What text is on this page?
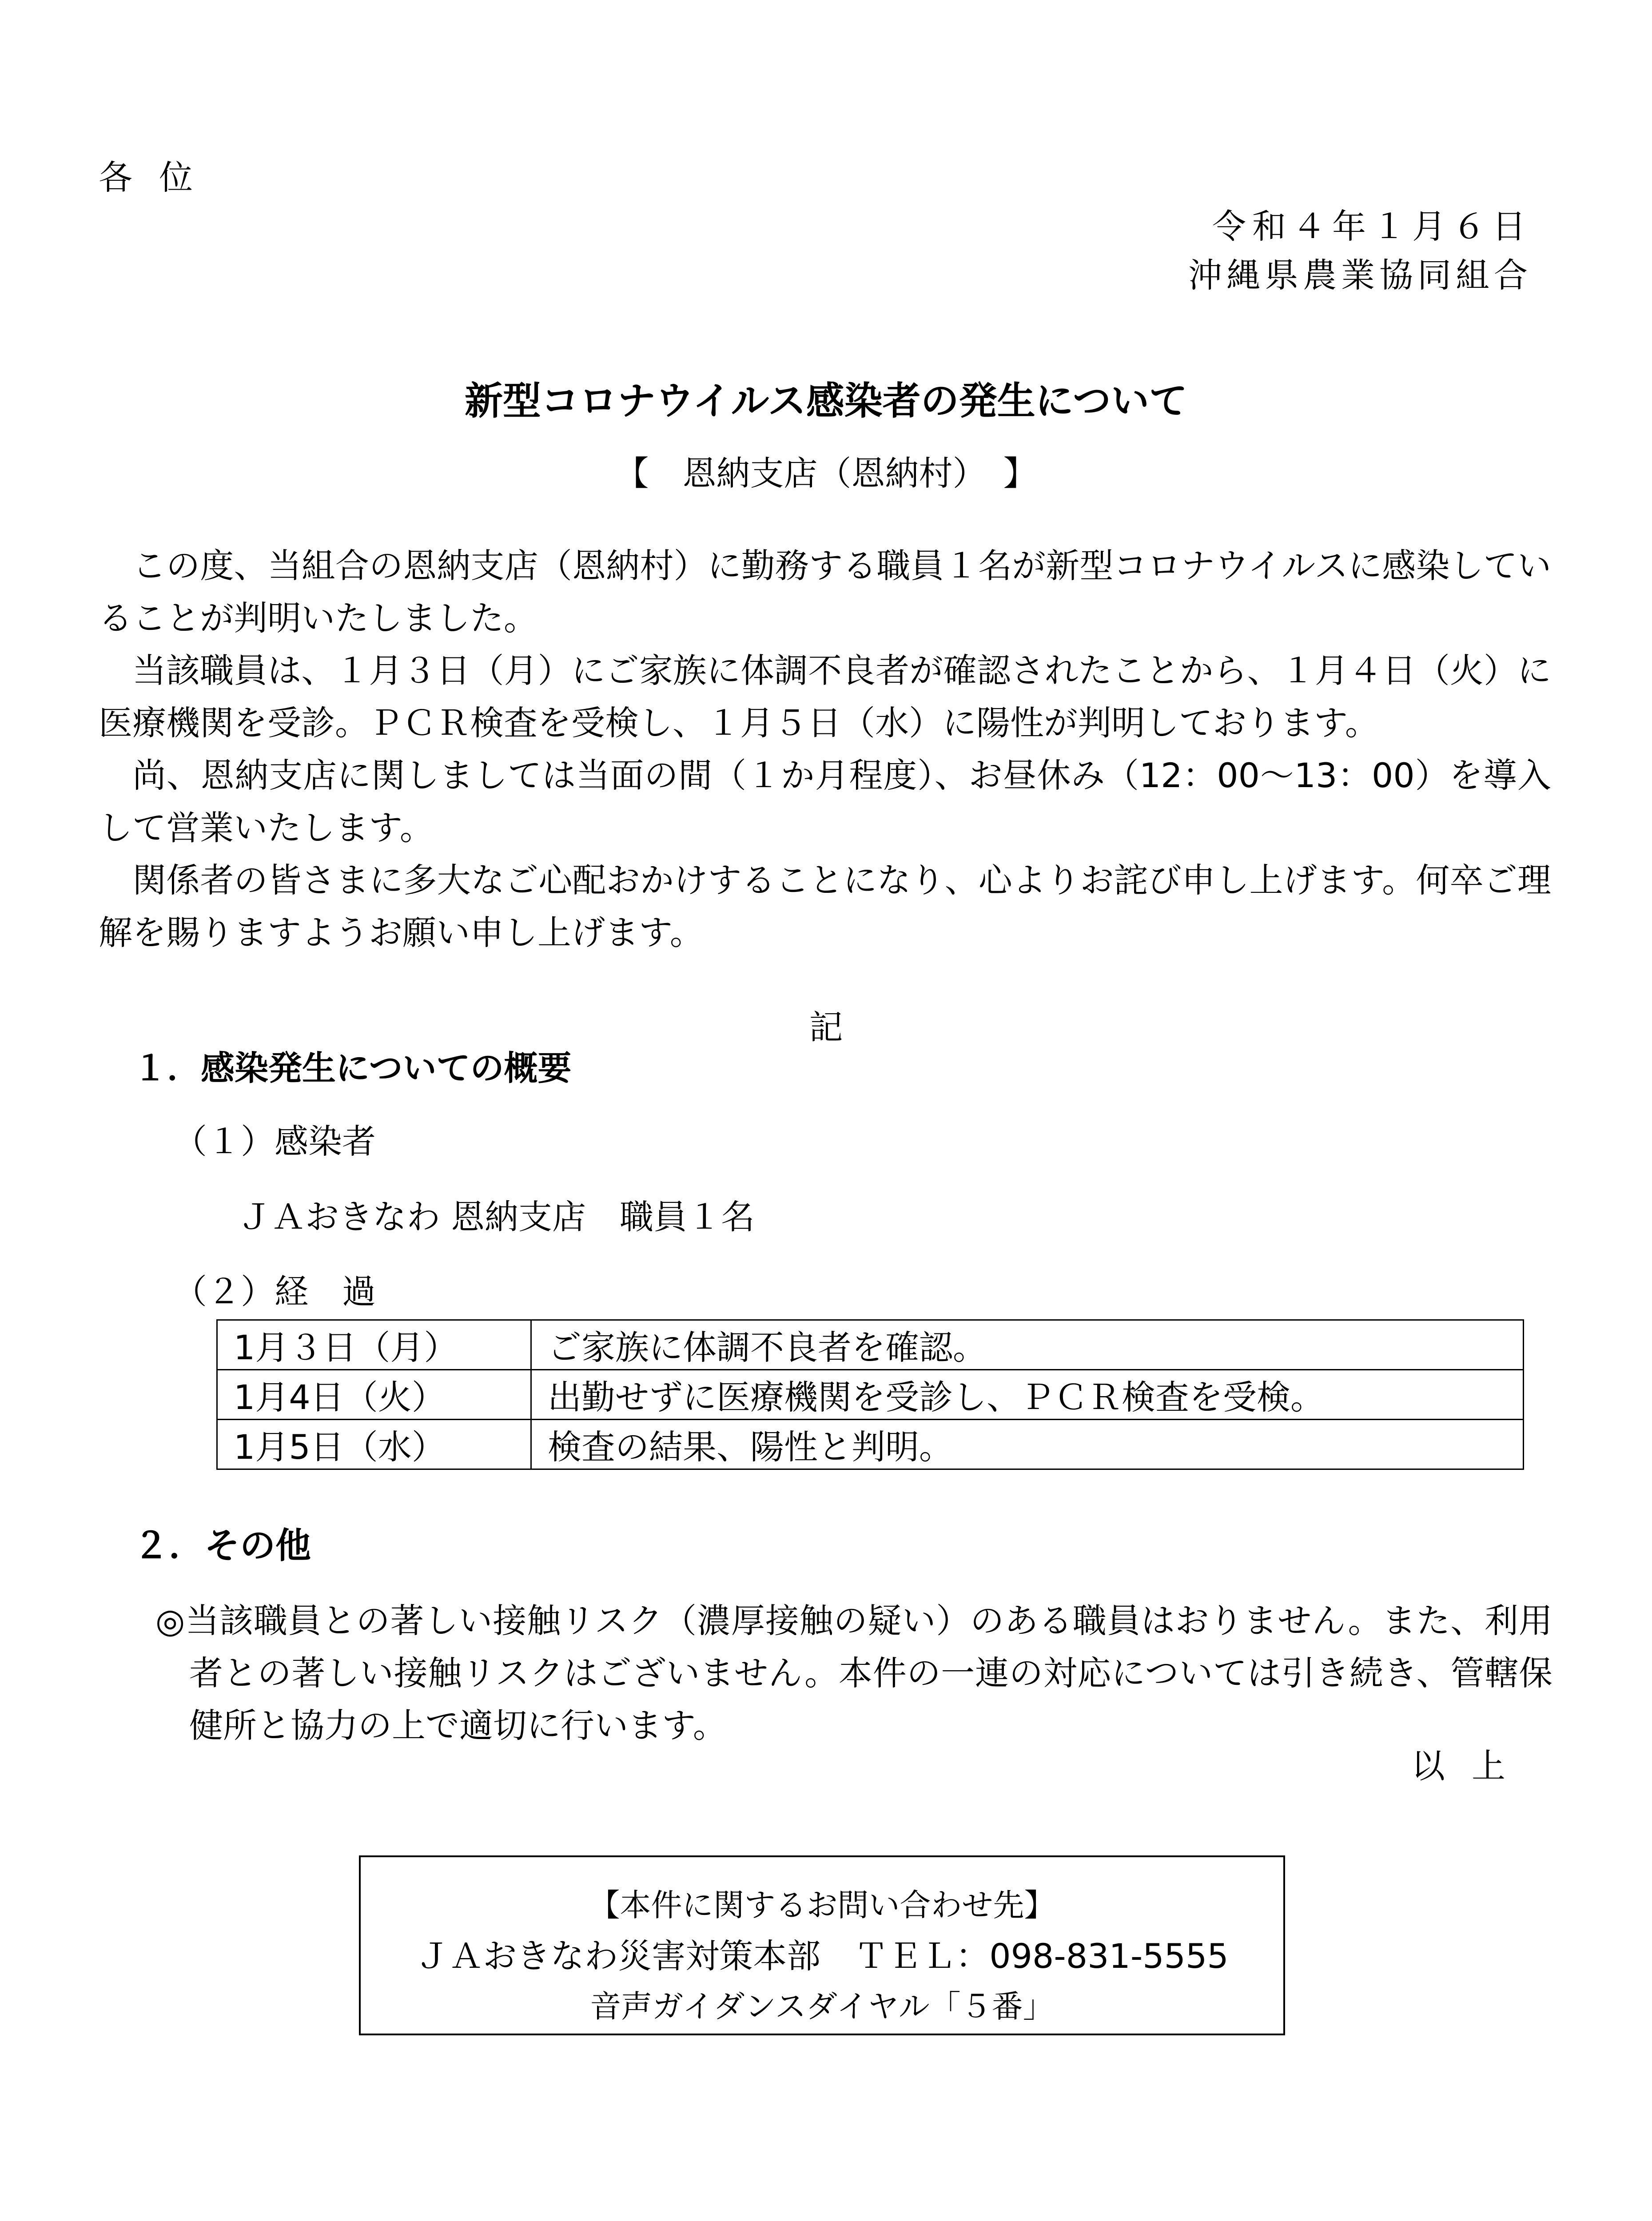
各位
令和４年１月６日
沖縄県農業協同組合
新型コロナウイルス感染者の発生について
【　恩納支店（恩納村）　】

この度、当組合の恩納支店（恩納村）に勤務する職員１名が新型コロナウイルスに感染していることが判明いたしました。

当該職員は、１月３日（月）にご家族に体調不良者が確認されたことから、１月４日（火）に医療機関を受診。ＰＣＲ検査を受検し、１月５日（水）に陽性が判明しております。

尚、恩納支店に関しましては当面の間（１か月程度）、お昼休み（12：00～13：00）を導入して営業いたします。

関係者の皆さまに多大なご心配おかけすることになり、心よりお詫び申し上げます。何卒ご理解を賜りますようお願い申し上げます。

記
１．感染発生についての概要
（１）感染者
ＪＡおきなわ 恩納支店　職員１名
（２）経　過
1月３日（月）	ご家族に体調不良者を確認。
1月4日（火）	出勤せずに医療機関を受診し、ＰＣＲ検査を受検。
1月5日（水）	検査の結果、陽性と判明。
２．その他

◎当該職員との著しい接触リスク（濃厚接触の疑い）のある職員はおりません。また、利用者との著しい接触リスクはございません。本件の一連の対応については引き続き、管轄保健所と協力の上で適切に行います。

以上
【本件に関するお問い合わせ先】
ＪＡおきなわ災害対策本部　ＴＥＬ：098-831-5555
音声ガイダンスダイヤル「５番」
